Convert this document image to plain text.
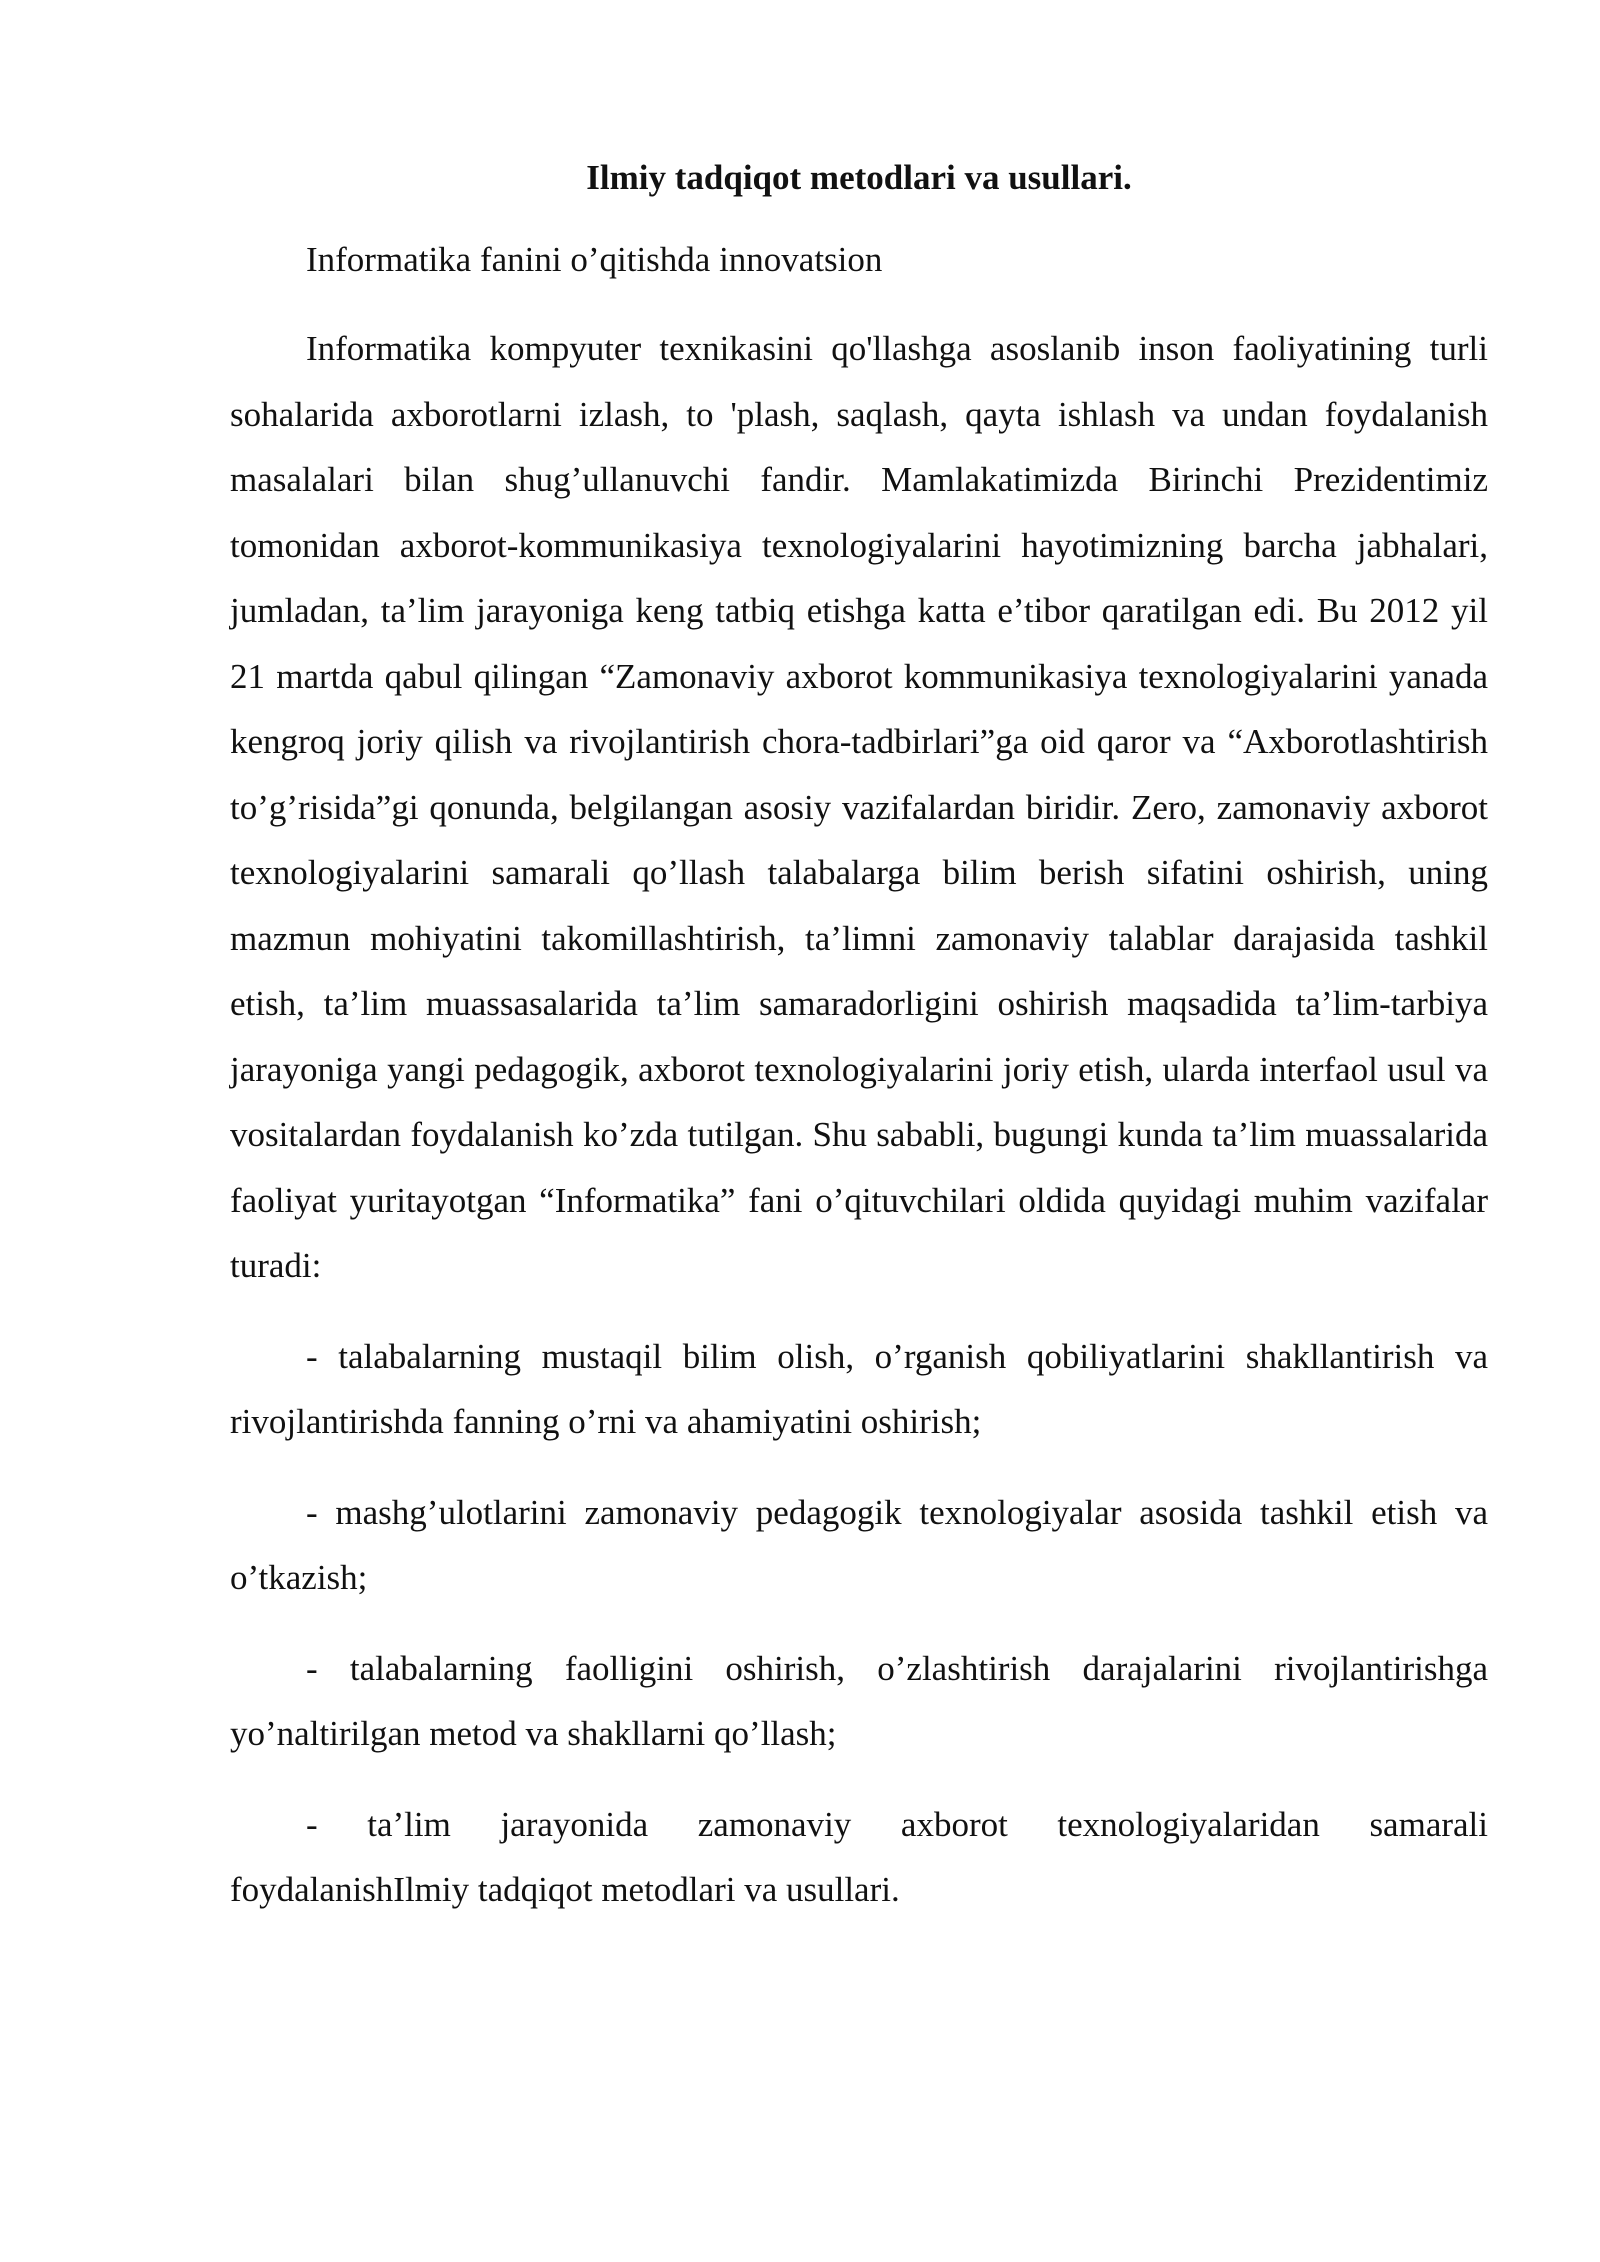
Ilmiy tadqiqot metodlari va usullari.
Informatika fanini o’qitishda innovatsion

Informatika kompyuter texnikasini qo'llashga asoslanib inson faoliyatining turli sohalarida axborotlarni izlash, to 'plash, saqlash, qayta ishlash va undan foydalanish masalalari bilan shug’ullanuvchi fandir. Mamlakatimizda Birinchi Prezidentimiz tomonidan axborot-kommunikasiya texnologiyalarini hayotimizning barcha jabhalari, jumladan, ta’lim jarayoniga keng tatbiq etishga katta e’tibor qaratilgan edi. Bu 2012 yil 21 martda qabul qilingan “Zamonaviy axborot kommunikasiya texnologiyalarini yanada kengroq joriy qilish va rivojlantirish chora-tadbirlari”ga oid qaror va “Axborotlashtirish to’g’risida”gi qonunda, belgilangan asosiy vazifalardan biridir. Zero, zamonaviy axborot texnologiyalarini samarali qo’llash talabalarga bilim berish sifatini oshirish, uning mazmun mohiyatini takomillashtirish, ta’limni zamonaviy talablar darajasida tashkil etish, ta’lim muassasalarida ta’lim samaradorligini oshirish maqsadida ta’lim-tarbiya jarayoniga yangi pedagogik, axborot texnologiyalarini joriy etish, ularda interfaol usul va vositalardan foydalanish ko’zda tutilgan. Shu sababli, bugungi kunda ta’lim muassalarida faoliyat yuritayotgan “Informatika” fani o’qituvchilari oldida quyidagi muhim vazifalar turadi:

- talabalarning mustaqil bilim olish, o’rganish qobiliyatlarini shakllantirish va rivojlantirishda fanning o’rni va ahamiyatini oshirish;

- mashg’ulotlarini zamonaviy pedagogik texnologiyalar asosida tashkil etish va o’tkazish;

- talabalarning faolligini oshirish, o’zlashtirish darajalarini rivojlantirishga yo’naltirilgan metod va shakllarni qo’llash;

- ta’lim jarayonida zamonaviy axborot texnologiyalaridan samarali foydalanishIlmiy tadqiqot metodlari va usullari.
